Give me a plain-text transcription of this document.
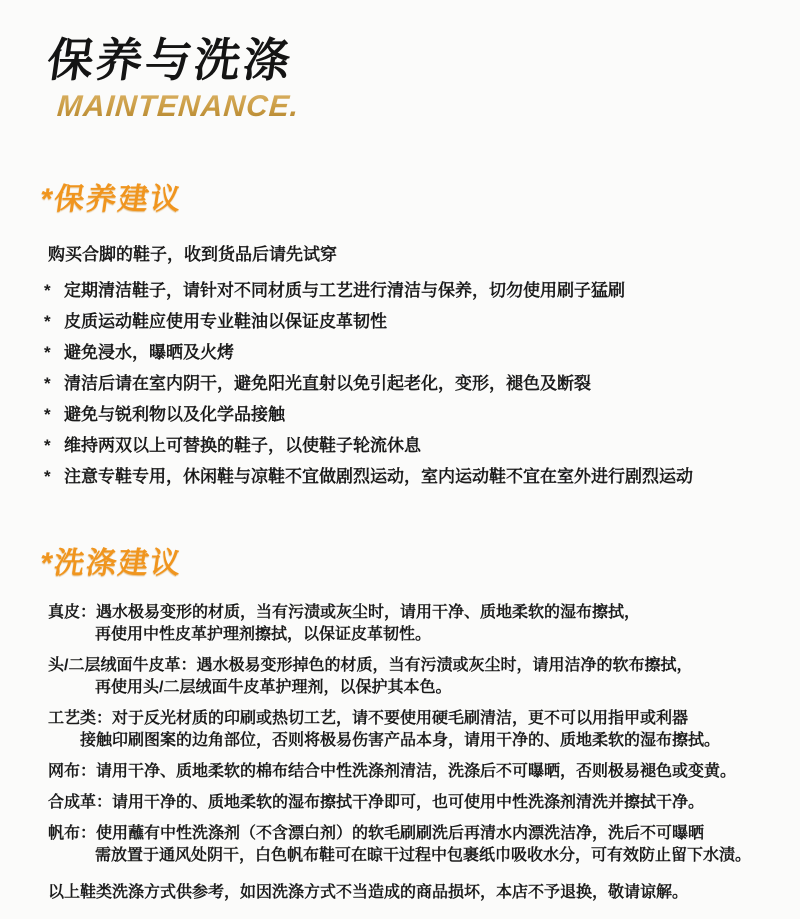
保养与洗涤
MAINTENANCE.
*保养建议

购买合脚的鞋子，收到货品后请先试穿

* 定期清洁鞋子，请针对不同材质与工艺进行清洁与保养，切勿使用刷子猛刷
* 皮质运动鞋应使用专业鞋油以保证皮革韧性
* 避免浸水，曝晒及火烤
* 清洁后请在室内阴干，避免阳光直射以免引起老化，变形，褪色及断裂
* 避免与锐利物以及化学品接触
* 维持两双以上可替换的鞋子，以使鞋子轮流休息
* 注意专鞋专用，休闲鞋与凉鞋不宜做剧烈运动，室内运动鞋不宜在室外进行剧烈运动
*洗涤建议
真皮：遇水极易变形的材质，当有污渍或灰尘时，请用干净、质地柔软的湿布擦拭，
再使用中性皮革护理剂擦拭，以保证皮革韧性。
头/二层绒面牛皮革：遇水极易变形掉色的材质，当有污渍或灰尘时，请用洁净的软布擦拭，
再使用头/二层绒面牛皮革护理剂，以保护其本色。
工艺类：对于反光材质的印刷或热切工艺，请不要使用硬毛刷清洁，更不可以用指甲或利器
接触印刷图案的边角部位，否则将极易伤害产品本身，请用干净的、质地柔软的湿布擦拭。
网布：请用干净、质地柔软的棉布结合中性洗涤剂清洁，洗涤后不可曝晒，否则极易褪色或变黄。
合成革：请用干净的、质地柔软的湿布擦拭干净即可，也可使用中性洗涤剂清洗并擦拭干净。
帆布：使用蘸有中性洗涤剂（不含漂白剂）的软毛刷刷洗后再清水内漂洗洁净，洗后不可曝晒
需放置于通风处阴干，白色帆布鞋可在晾干过程中包裹纸巾吸收水分，可有效防止留下水渍。

以上鞋类洗涤方式供参考，如因洗涤方式不当造成的商品损坏，本店不予退换，敬请谅解。
